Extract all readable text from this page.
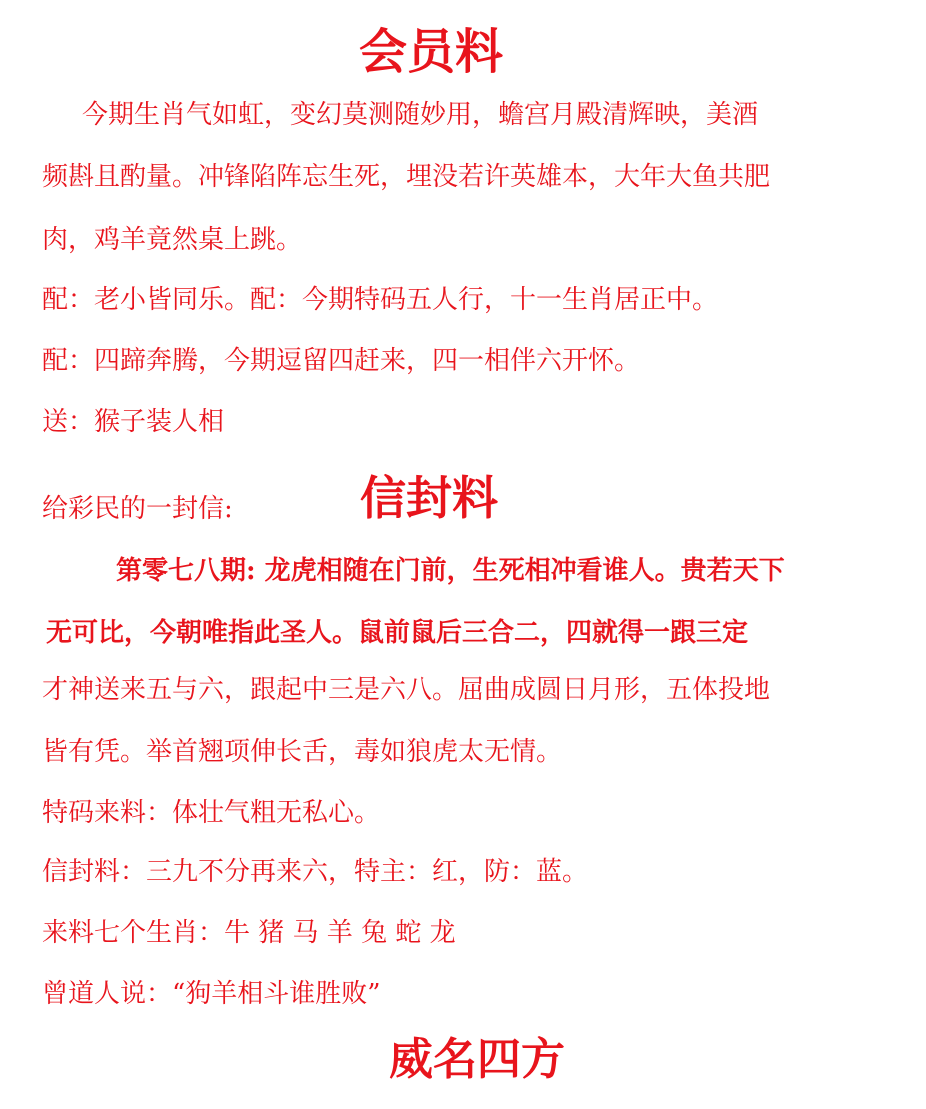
会员料
今期生肖气如虹，变幻莫测随妙用，蟾宫月殿清辉映，美酒
频斟且酌量。冲锋陷阵忘生死，埋没若许英雄本，大年大鱼共肥
肉，鸡羊竟然桌上跳。
配：老小皆同乐。配：今期特码五人行，十一生肖居正中。
配：四蹄奔腾，今期逗留四赶来，四一相伴六开怀。
送：猴子装人相
给彩民的一封信:	信封料
第零七八期: 龙虎相随在门前，生死相冲看谁人。贵若天下
无可比，今朝唯指此圣人。鼠前鼠后三合二，四就得一跟三定
才神送来五与六，跟起中三是六八。屈曲成圆日月形，五体投地
皆有凭。举首翘项伸长舌，毒如狼虎太无情。
特码来料：体壮气粗无私心。
信封料：三九不分再来六，特主：红，防：蓝。
来料七个生肖：牛 猪 马 羊 兔 蛇 龙
曾道人说：“狗羊相斗谁胜败”
威名四方
